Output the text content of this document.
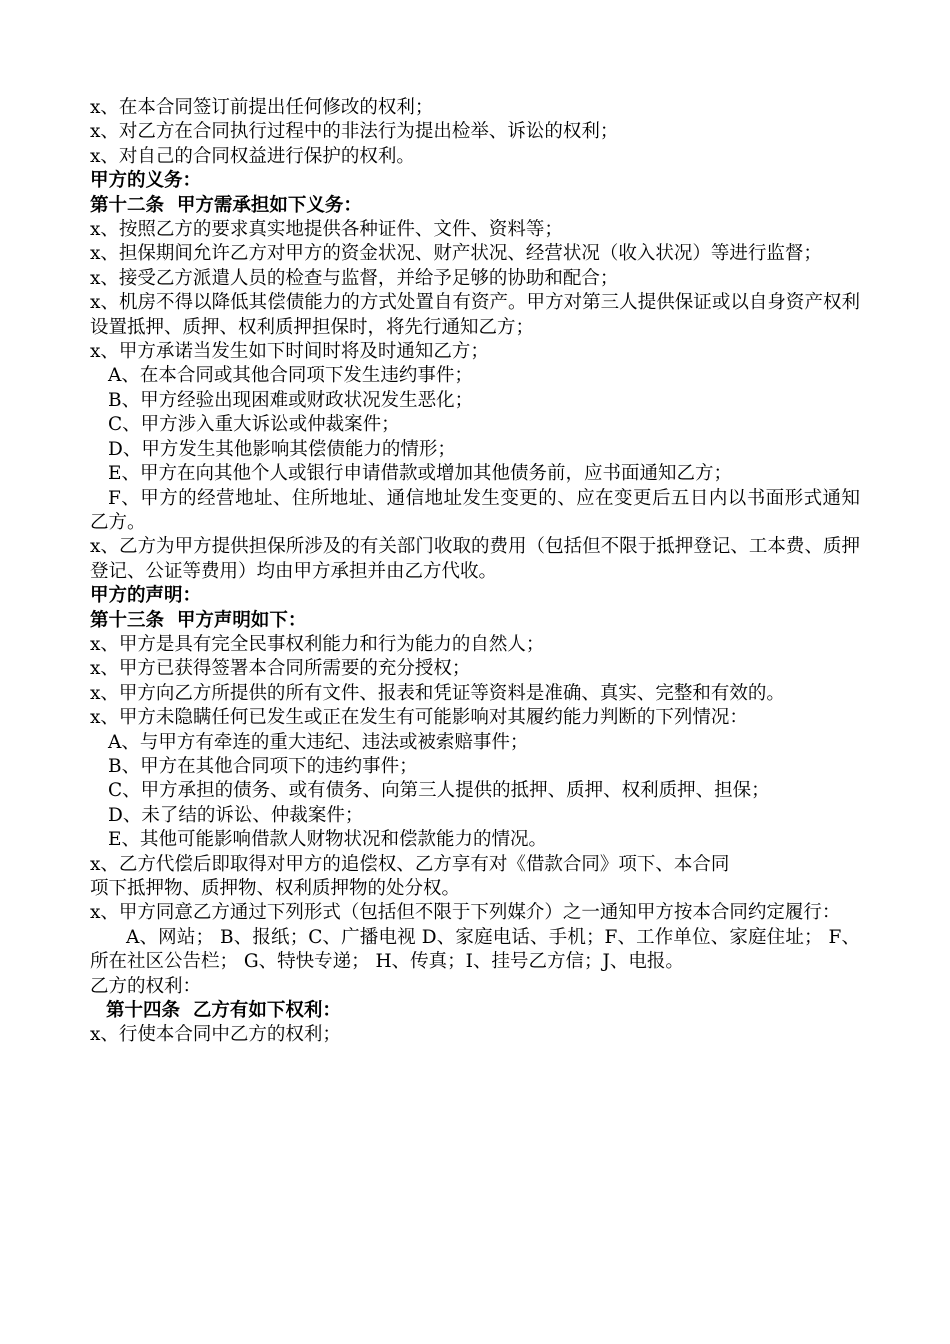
x、在本合同签订前提出任何修改的权利；
x、对乙方在合同执行过程中的非法行为提出检举、诉讼的权利；
x、对自己的合同权益进行保护的权利。
甲方的义务：
第十二条  甲方需承担如下义务：
x、按照乙方的要求真实地提供各种证件、文件、资料等；
x、担保期间允许乙方对甲方的资金状况、财产状况、经营状况（收入状况）等进行监督；
x、接受乙方派遣人员的检查与监督，并给予足够的协助和配合；
x、机房不得以降低其偿债能力的方式处置自有资产。甲方对第三人提供保证或以自身资产权利设置抵押、质押、权利质押担保时，将先行通知乙方；
x、甲方承诺当发生如下时间时将及时通知乙方；
A、在本合同或其他合同项下发生违约事件；
B、甲方经验出现困难或财政状况发生恶化；
C、甲方涉入重大诉讼或仲裁案件；
D、甲方发生其他影响其偿债能力的情形；
E、甲方在向其他个人或银行申请借款或增加其他债务前，应书面通知乙方；
F、甲方的经营地址、住所地址、通信地址发生变更的、应在变更后五日内以书面形式通知乙方。
x、乙方为甲方提供担保所涉及的有关部门收取的费用（包括但不限于抵押登记、工本费、质押登记、公证等费用）均由甲方承担并由乙方代收。
甲方的声明：
第十三条  甲方声明如下：
x、甲方是具有完全民事权利能力和行为能力的自然人；
x、甲方已获得签署本合同所需要的充分授权；
x、甲方向乙方所提供的所有文件、报表和凭证等资料是准确、真实、完整和有效的。
x、甲方未隐瞒任何已发生或正在发生有可能影响对其履约能力判断的下列情况：
A、与甲方有牵连的重大违纪、违法或被索赔事件；
B、甲方在其他合同项下的违约事件；
C、甲方承担的债务、或有债务、向第三人提供的抵押、质押、权利质押、担保；
D、未了结的诉讼、仲裁案件；
E、其他可能影响借款人财物状况和偿款能力的情况。
x、乙方代偿后即取得对甲方的追偿权、乙方享有对《借款合同》项下、本合同
项下抵押物、质押物、权利质押物的处分权。
x、甲方同意乙方通过下列形式（包括但不限于下列媒介）之一通知甲方按本合同约定履行：
A、网站； B、报纸；C、广播电视 D、家庭电话、手机；F、工作单位、家庭住址； F、所在社区公告栏； G、特快专递； H、传真；I、挂号乙方信；J、电报。
乙方的权利：
第十四条  乙方有如下权利：
x、行使本合同中乙方的权利；
